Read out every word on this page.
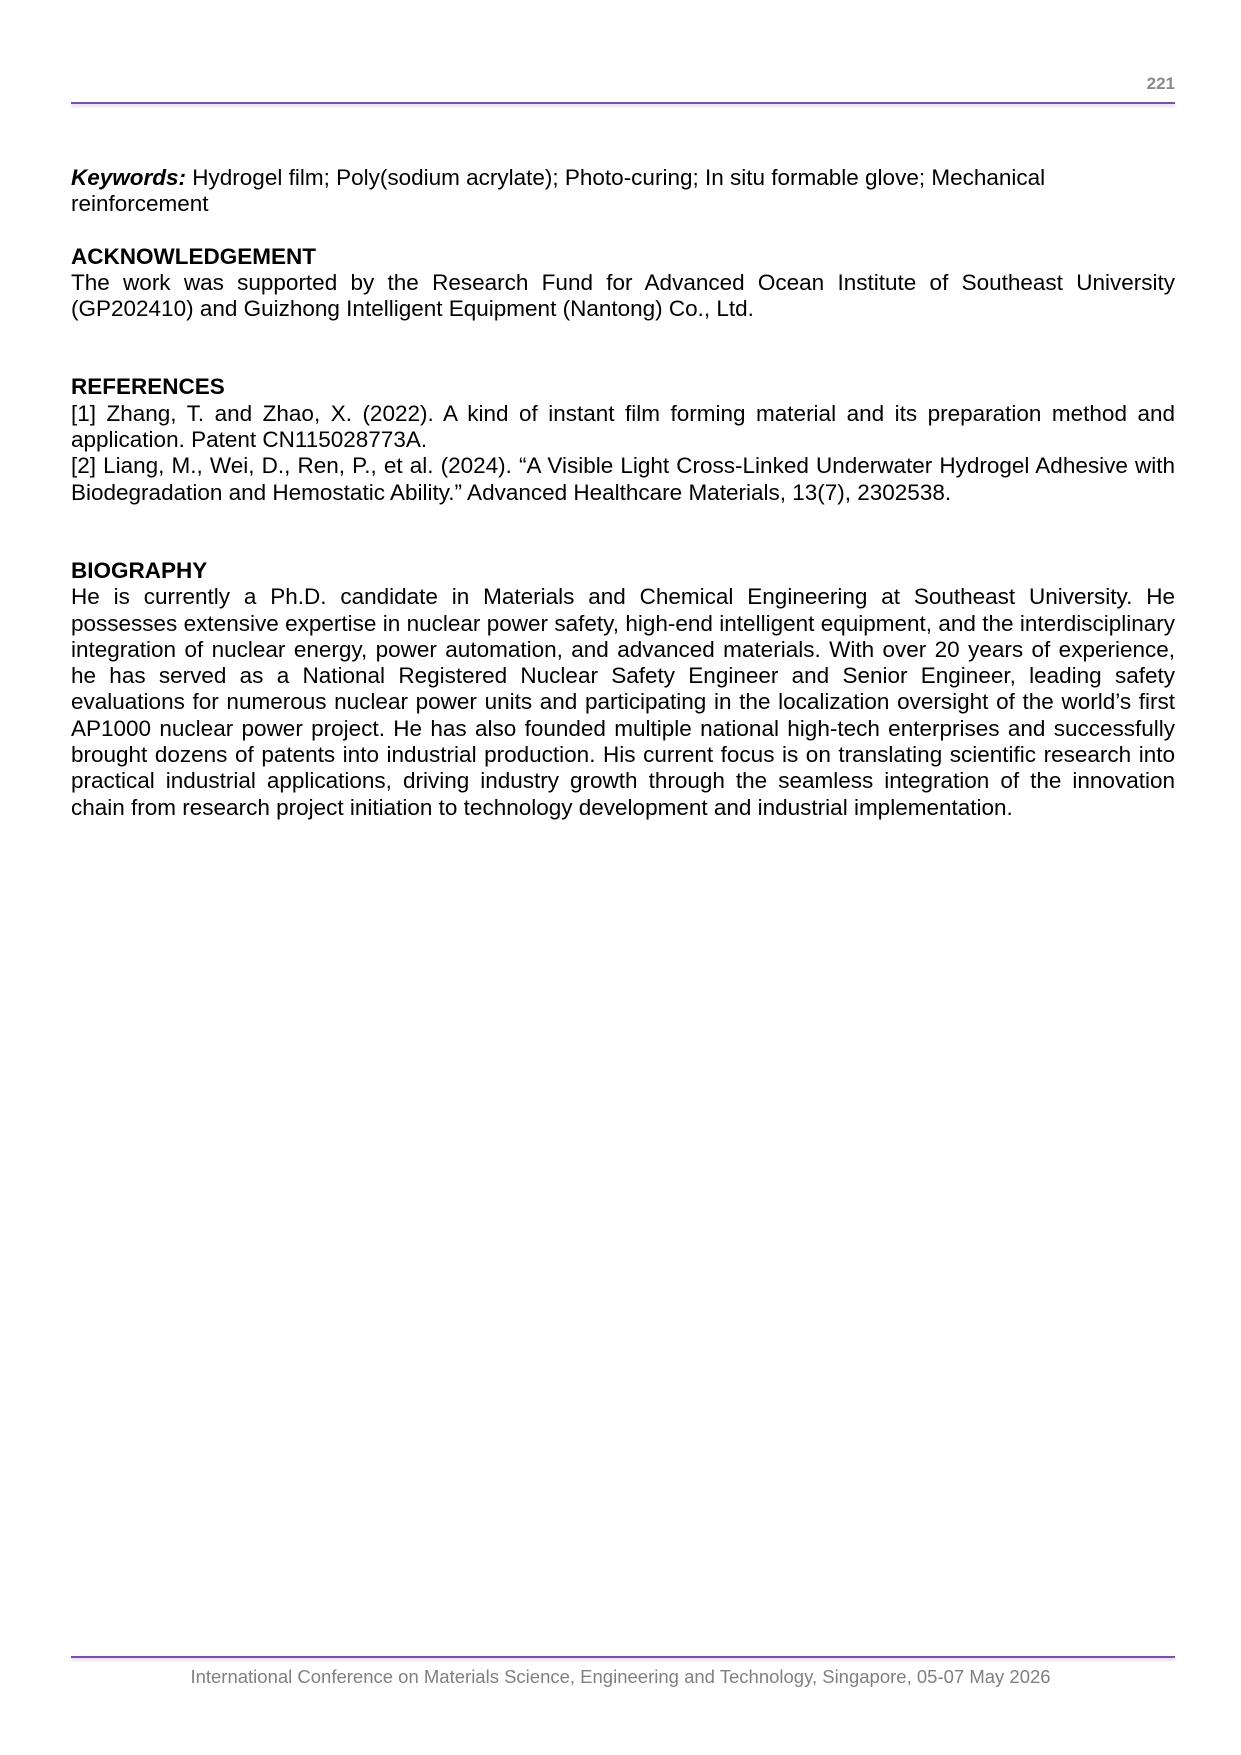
221

Keywords: Hydrogel film; Poly(sodium acrylate); Photo-curing; In situ formable glove; Mechanical reinforcement

ACKNOWLEDGEMENT

The work was supported by the Research Fund for Advanced Ocean Institute of Southeast University (GP202410) and Guizhong Intelligent Equipment (Nantong) Co., Ltd.

REFERENCES

[1] Zhang, T. and Zhao, X. (2022). A kind of instant film forming material and its preparation method and application. Patent CN115028773A.

[2] Liang, M., Wei, D., Ren, P., et al. (2024). “A Visible Light Cross-Linked Underwater Hydrogel Adhesive with Biodegradation and Hemostatic Ability.” Advanced Healthcare Materials, 13(7), 2302538.

BIOGRAPHY

He is currently a Ph.D. candidate in Materials and Chemical Engineering at Southeast University. He possesses extensive expertise in nuclear power safety, high-end intelligent equipment, and the interdisciplinary integration of nuclear energy, power automation, and advanced materials. With over 20 years of experience, he has served as a National Registered Nuclear Safety Engineer and Senior Engineer, leading safety evaluations for numerous nuclear power units and participating in the localization oversight of the world’s first AP1000 nuclear power project. He has also founded multiple national high-tech enterprises and successfully brought dozens of patents into industrial production. His current focus is on translating scientific research into practical industrial applications, driving industry growth through the seamless integration of the innovation chain from research project initiation to technology development and industrial implementation.

International Conference on Materials Science, Engineering and Technology, Singapore, 05-07 May 2026
